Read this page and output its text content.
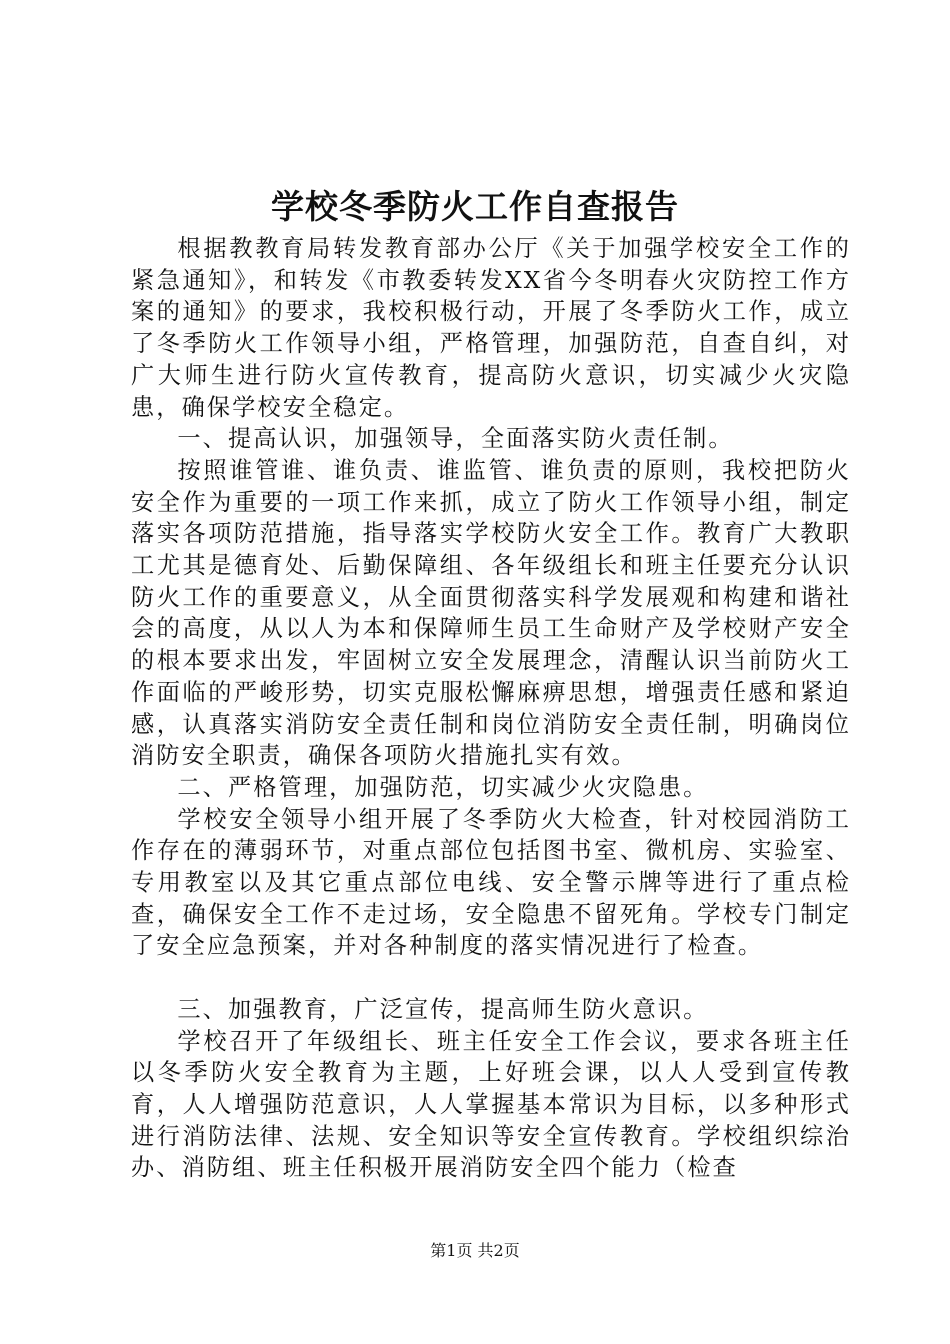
学校冬季防火工作自查报告

根据教教育局转发教育部办公厅《关于加强学校安全工作的紧急通知》，和转发《市教委转发XX省今冬明春火灾防控工作方案的通知》的要求，我校积极行动，开展了冬季防火工作，成立了冬季防火工作领导小组，严格管理，加强防范，自查自纠，对广大师生进行防火宣传教育，提高防火意识，切实减少火灾隐患，确保学校安全稳定。

一、提高认识，加强领导，全面落实防火责任制。

按照谁管谁、谁负责、谁监管、谁负责的原则，我校把防火安全作为重要的一项工作来抓，成立了防火工作领导小组，制定落实各项防范措施，指导落实学校防火安全工作。教育广大教职工尤其是德育处、后勤保障组、各年级组长和班主任要充分认识防火工作的重要意义，从全面贯彻落实科学发展观和构建和谐社会的高度，从以人为本和保障师生员工生命财产及学校财产安全的根本要求出发，牢固树立安全发展理念，清醒认识当前防火工作面临的严峻形势，切实克服松懈麻痹思想，增强责任感和紧迫感，认真落实消防安全责任制和岗位消防安全责任制，明确岗位消防安全职责，确保各项防火措施扎实有效。

二、严格管理，加强防范，切实减少火灾隐患。

学校安全领导小组开展了冬季防火大检查，针对校园消防工作存在的薄弱环节，对重点部位包括图书室、微机房、实验室、专用教室以及其它重点部位电线、安全警示牌等进行了重点检查，确保安全工作不走过场，安全隐患不留死角。学校专门制定了安全应急预案，并对各种制度的落实情况进行了检查。

三、加强教育，广泛宣传，提高师生防火意识。

学校召开了年级组长、班主任安全工作会议，要求各班主任以冬季防火安全教育为主题，上好班会课，以人人受到宣传教育，人人增强防范意识，人人掌握基本常识为目标，以多种形式进行消防法律、法规、安全知识等安全宣传教育。学校组织综治办、消防组、班主任积极开展消防安全四个能力（检查

第1页 共2页
